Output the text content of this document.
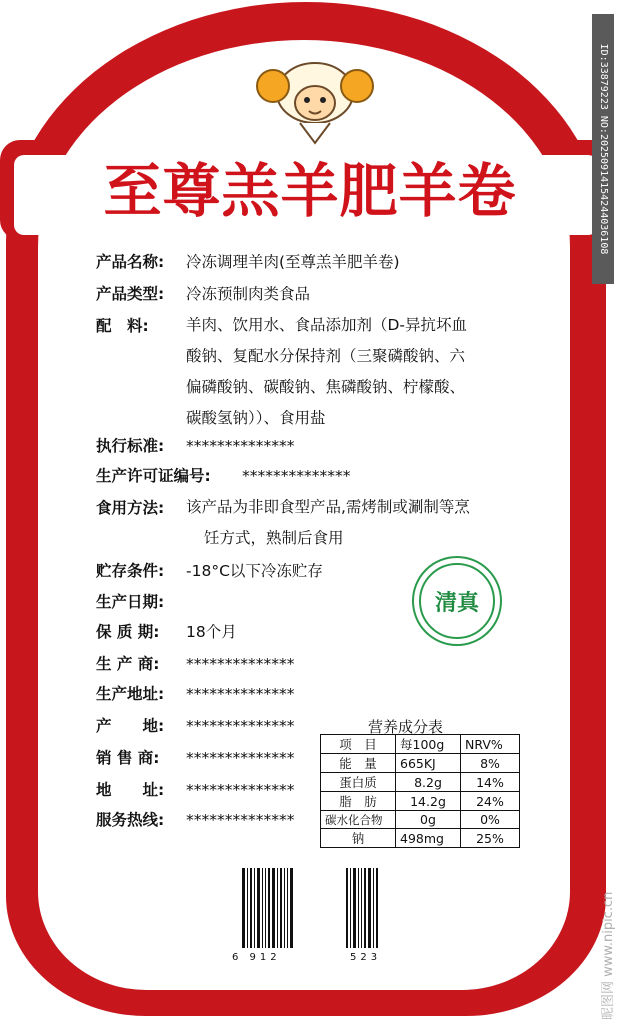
至尊羔羊肥羊卷
产品名称: 冷冻调理羊肉(至尊羔羊肥羊卷)
产品类型: 冷冻预制肉类食品
配　料: 羊肉、饮用水、食品添加剂（D-异抗坏血
酸钠、复配水分保持剂（三聚磷酸钠、六
偏磷酸钠、碳酸钠、焦磷酸钠、柠檬酸、
碳酸氢钠））、食用盐
执行标准: **************
生产许可证编号: **************
食用方法: 该产品为非即食型产品,需烤制或涮制等烹
饪方式，熟制后食用
贮存条件: -18°C以下冷冻贮存
生产日期:
保 质 期: 18个月
生 产 商: **************
生产地址: **************
产　　地: **************
销 售 商: **************
地　　址: **************
服务热线: **************
清真
营养成分表
项　目	每100g	NRV%
能　量	665KJ	8%
蛋白质	8.2g	14%
脂　肪	14.2g	24%
碳水化合物	0g	0%
钠	498mg	25%
6 912	523
ID:33879223 NO:20250914154244036108
昵图网 www.nipic.cn
